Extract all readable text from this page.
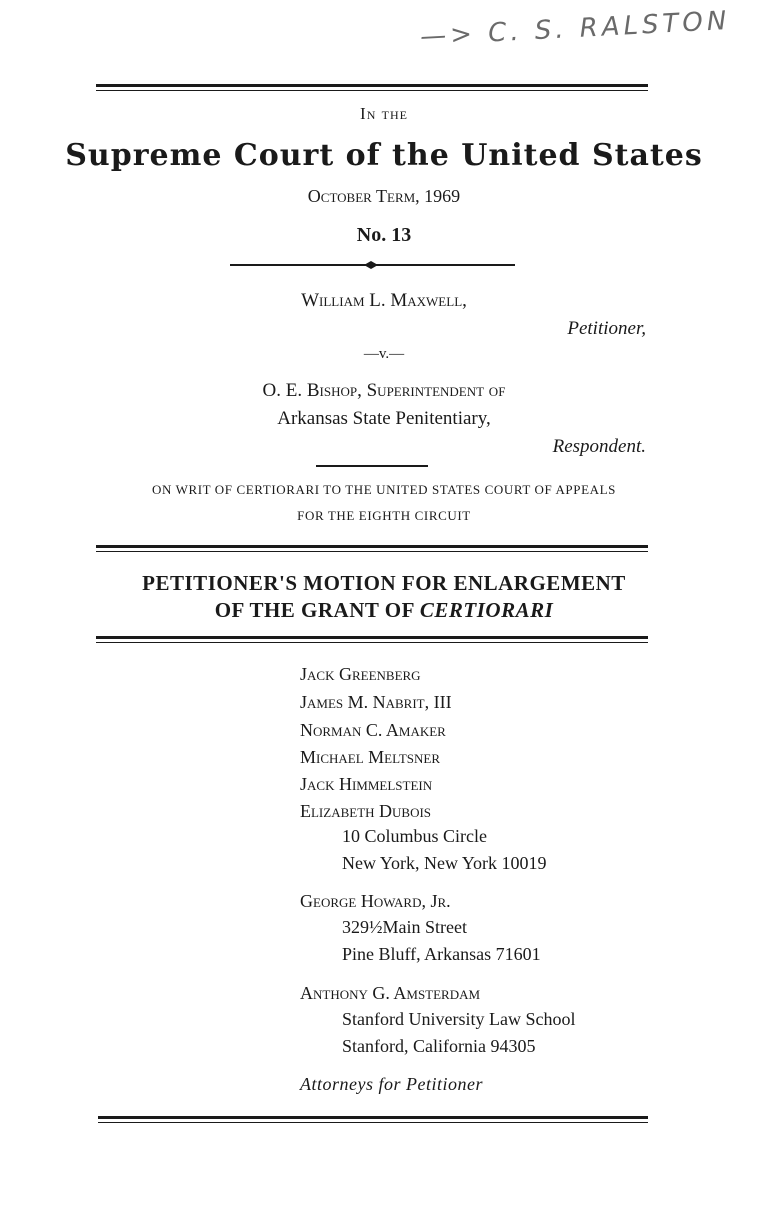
—> C. S. RALSTON
In the
Supreme Court of the United States
October Term, 1969
No. 13
William L. Maxwell,
Petitioner,
—v.—
O. E. Bishop, Superintendent of
Arkansas State Penitentiary,
Respondent.
ON WRIT OF CERTIORARI TO THE UNITED STATES COURT OF APPEALS
FOR THE EIGHTH CIRCUIT
PETITIONER'S MOTION FOR ENLARGEMENT
OF THE GRANT OF CERTIORARI
Jack Greenberg
James M. Nabrit, III
Norman C. Amaker
Michael Meltsner
Jack Himmelstein
Elizabeth Dubois
10 Columbus Circle
New York, New York 10019
George Howard, Jr.
329½Main Street
Pine Bluff, Arkansas 71601
Anthony G. Amsterdam
Stanford University Law School
Stanford, California 94305
Attorneys for Petitioner
